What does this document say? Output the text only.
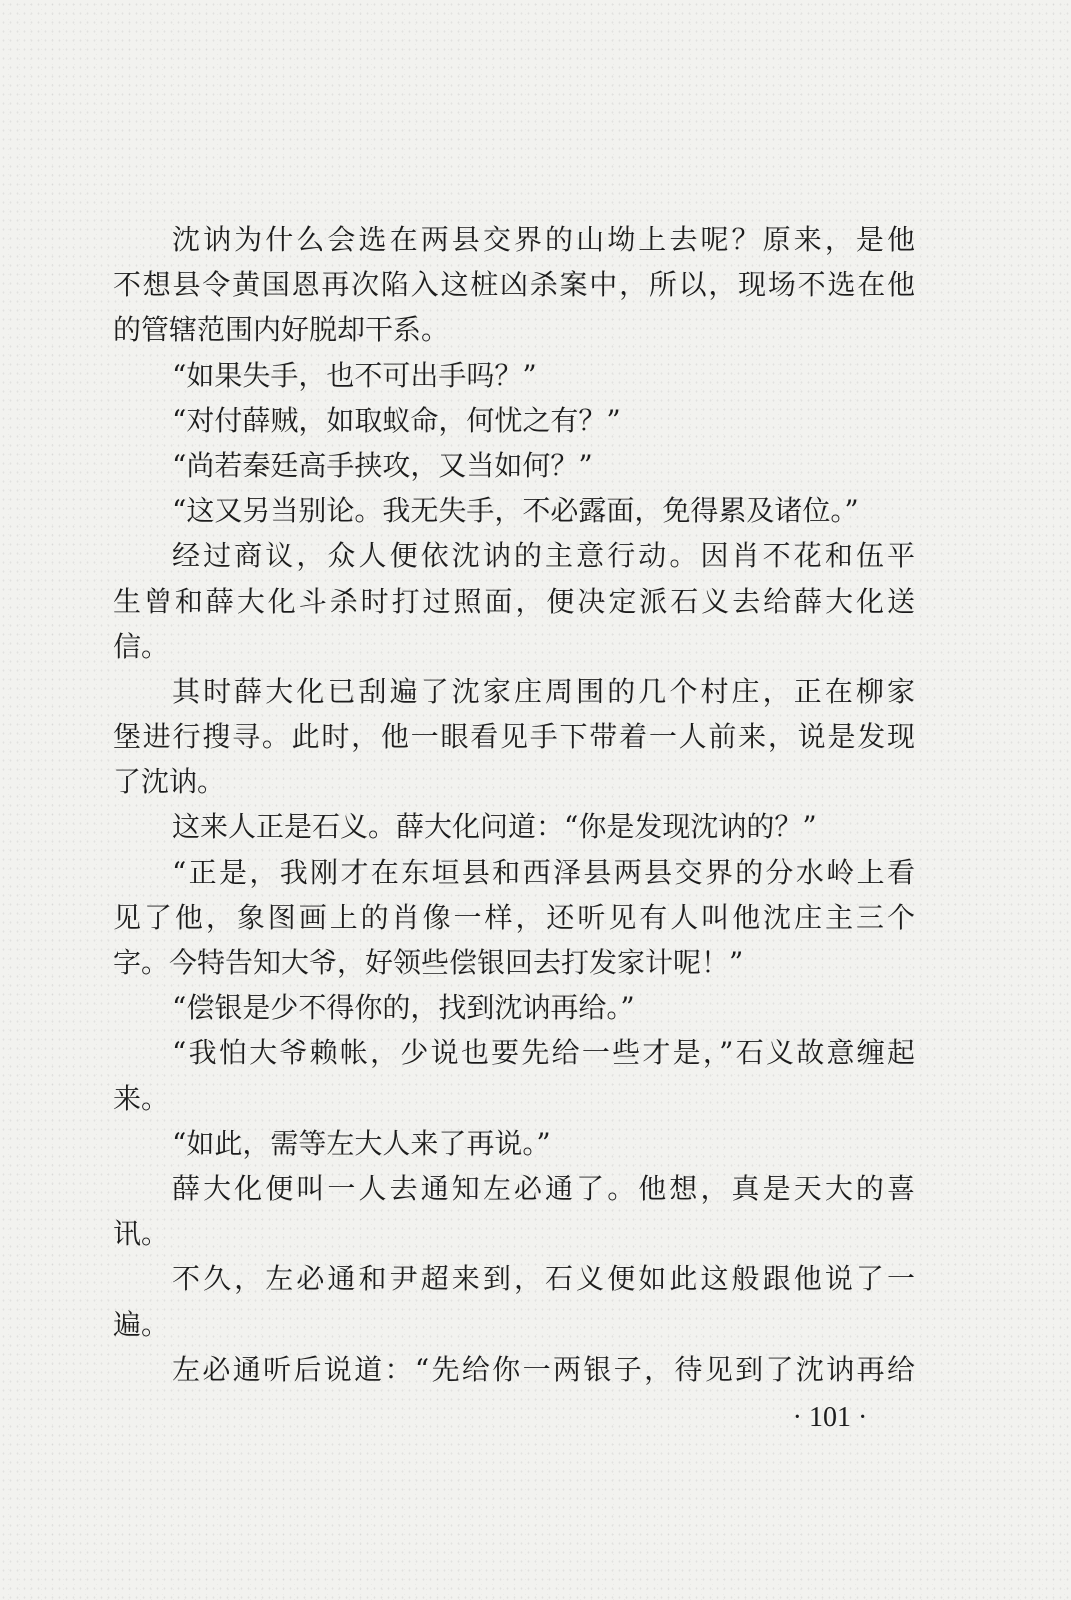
沈讷为什么会选在两县交界的山坳上去呢？原来，是他
不想县令黄国恩再次陷入这桩凶杀案中，所以，现场不选在他
的管辖范围内好脱却干系。
“如果失手，也不可出手吗？”
“对付薛贼，如取蚁命，何忧之有？”
“尚若秦廷高手挟攻，又当如何？”
“这又另当别论。我无失手，不必露面，免得累及诸位。”
经过商议，众人便依沈讷的主意行动。因肖不花和伍平
生曾和薛大化斗杀时打过照面，便决定派石义去给薛大化送
信。
其时薛大化已刮遍了沈家庄周围的几个村庄，正在柳家
堡进行搜寻。此时，他一眼看见手下带着一人前来，说是发现
了沈讷。
这来人正是石义。薛大化问道：“你是发现沈讷的？”
“正是，我刚才在东垣县和西泽县两县交界的分水岭上看
见了他，象图画上的肖像一样，还听见有人叫他沈庄主三个
字。今特告知大爷，好领些偿银回去打发家计呢！”
“偿银是少不得你的，找到沈讷再给。”
“我怕大爷赖帐，少说也要先给一些才是，”石义故意缠起
来。
“如此，需等左大人来了再说。”
薛大化便叫一人去通知左必通了。他想，真是天大的喜
讯。
不久，左必通和尹超来到，石义便如此这般跟他说了一
遍。
左必通听后说道：“先给你一两银子，待见到了沈讷再给
· 101 ·
